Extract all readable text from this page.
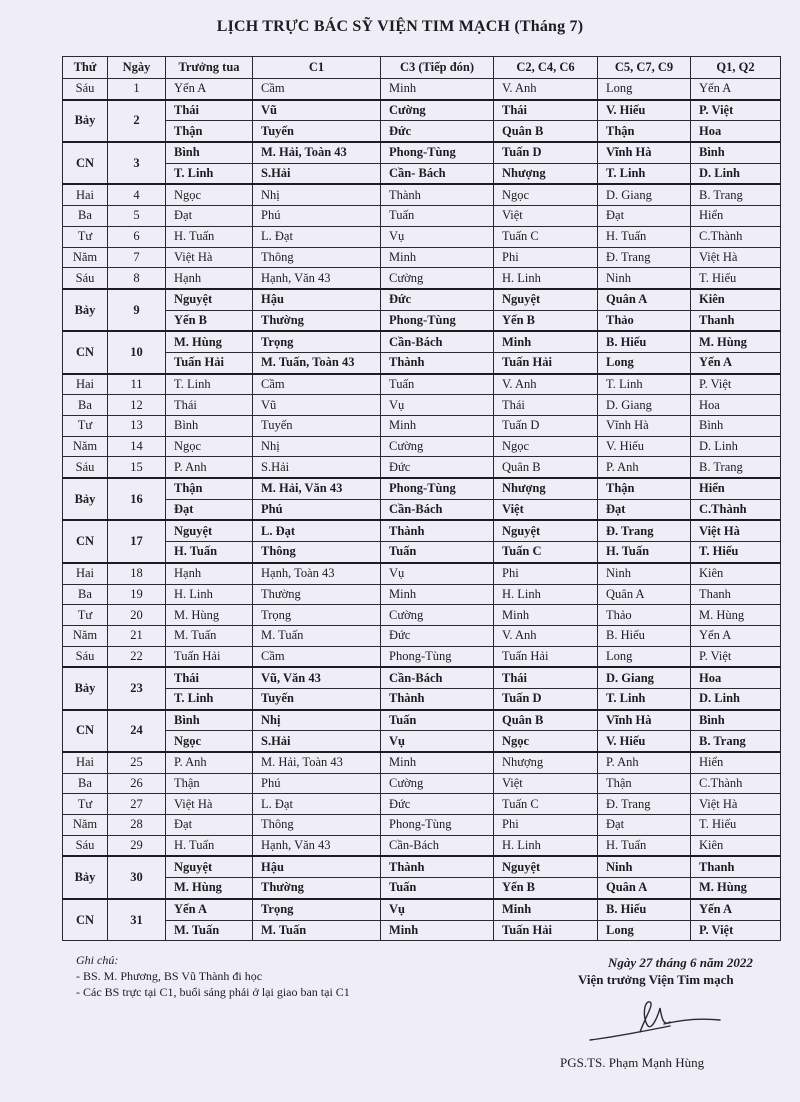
LỊCH TRỰC BÁC SỸ VIỆN TIM MẠCH (Tháng 7)
Thứ	Ngày	Trưởng tua	C1	C3 (Tiếp đón)	C2, C4, C6	C5, C7, C9	Q1, Q2
Sáu	1	Yến A	Cầm	Minh	V. Anh	Long	Yến A
Bảy	2	Thái	Vũ	Cường	Thái	V. Hiếu	P. Việt
		Thận	Tuyến	Đức	Quân B	Thận	Hoa
CN	3	Bình	M. Hải, Toàn 43	Phong-Tùng	Tuấn D	Vĩnh Hà	Bình
		T. Linh	S.Hải	Cần- Bách	Nhượng	T. Linh	D. Linh
Hai	4	Ngọc	Nhị	Thành	Ngọc	D. Giang	B. Trang
Ba	5	Đạt	Phú	Tuấn	Việt	Đạt	Hiển
Tư	6	H. Tuấn	L. Đạt	Vụ	Tuấn C	H. Tuấn	C.Thành
Năm	7	Việt Hà	Thông	Minh	Phi	Đ. Trang	Việt Hà
Sáu	8	Hạnh	Hạnh, Văn 43	Cường	H. Linh	Ninh	T. Hiếu
Bảy	9	Nguyệt	Hậu	Đức	Nguyệt	Quân A	Kiên
		Yến B	Thường	Phong-Tùng	Yến B	Thảo	Thanh
CN	10	M. Hùng	Trọng	Cần-Bách	Minh	B. Hiếu	M. Hùng
		Tuấn Hải	M. Tuấn, Toàn 43	Thành	Tuấn Hải	Long	Yến A
Hai	11	T. Linh	Cầm	Tuấn	V. Anh	T. Linh	P. Việt
Ba	12	Thái	Vũ	Vụ	Thái	D. Giang	Hoa
Tư	13	Bình	Tuyến	Minh	Tuấn D	Vĩnh Hà	Bình
Năm	14	Ngọc	Nhị	Cường	Ngọc	V. Hiếu	D. Linh
Sáu	15	P. Anh	S.Hải	Đức	Quân B	P. Anh	B. Trang
Bảy	16	Thận	M. Hải, Văn 43	Phong-Tùng	Nhượng	Thận	Hiển
		Đạt	Phú	Cần-Bách	Việt	Đạt	C.Thành
CN	17	Nguyệt	L. Đạt	Thành	Nguyệt	Đ. Trang	Việt Hà
		H. Tuấn	Thông	Tuấn	Tuấn C	H. Tuấn	T. Hiếu
Hai	18	Hạnh	Hạnh, Toàn 43	Vụ	Phi	Ninh	Kiên
Ba	19	H. Linh	Thường	Minh	H. Linh	Quân A	Thanh
Tư	20	M. Hùng	Trọng	Cường	Minh	Thảo	M. Hùng
Năm	21	M. Tuấn	M. Tuấn	Đức	V. Anh	B. Hiếu	Yến A
Sáu	22	Tuấn Hải	Cầm	Phong-Tùng	Tuấn Hải	Long	P. Việt
Bảy	23	Thái	Vũ, Văn 43	Cần-Bách	Thái	D. Giang	Hoa
		T. Linh	Tuyến	Thành	Tuấn D	T. Linh	D. Linh
CN	24	Bình	Nhị	Tuấn	Quân B	Vĩnh Hà	Bình
		Ngọc	S.Hải	Vụ	Ngọc	V. Hiếu	B. Trang
Hai	25	P. Anh	M. Hải, Toàn 43	Minh	Nhượng	P. Anh	Hiển
Ba	26	Thận	Phú	Cường	Việt	Thận	C.Thành
Tư	27	Việt Hà	L. Đạt	Đức	Tuấn C	Đ. Trang	Việt Hà
Năm	28	Đạt	Thông	Phong-Tùng	Phi	Đạt	T. Hiếu
Sáu	29	H. Tuấn	Hạnh, Văn 43	Cần-Bách	H. Linh	H. Tuấn	Kiên
Bảy	30	Nguyệt	Hậu	Thành	Nguyệt	Ninh	Thanh
		M. Hùng	Thường	Tuấn	Yến B	Quân A	M. Hùng
CN	31	Yến A	Trọng	Vụ	Minh	B. Hiếu	Yến A
		M. Tuấn	M. Tuấn	Minh	Tuấn Hải	Long	P. Việt
Ghi chú:
- BS. M. Phương, BS Vũ Thành đi học
- Các BS trực tại C1, buổi sáng phải ở lại giao ban tại C1
Ngày 27 tháng 6 năm 2022
Viện trưởng Viện Tim mạch
PGS.TS. Phạm Mạnh Hùng
